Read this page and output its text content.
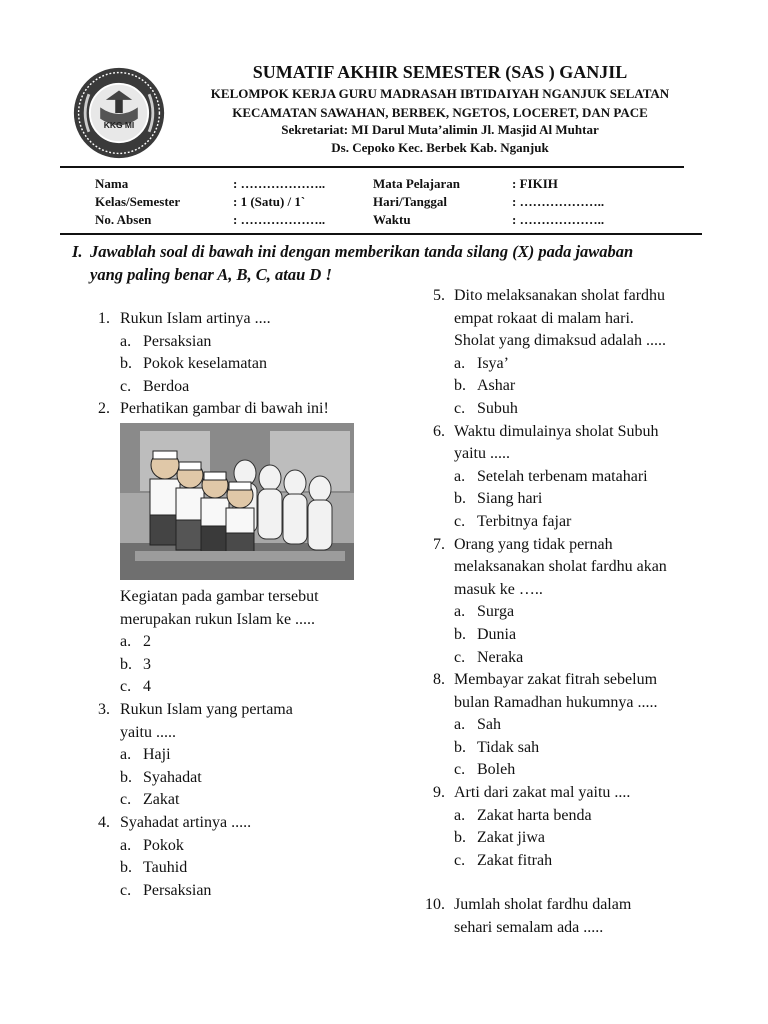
KKG MI
SUMATIF AKHIR SEMESTER (SAS ) GANJIL
KELOMPOK KERJA GURU MADRASAH IBTIDAIYAH NGANJUK SELATAN
KECAMATAN SAWAHAN, BERBEK, NGETOS, LOCERET, DAN PACE
Sekretariat: MI Darul Muta’alimin Jl. Masjid Al Muhtar
Ds. Cepoko Kec. Berbek Kab. Nganjuk
Nama	: ………………..
Kelas/Semester	: 1 (Satu) / 1`
No. Absen	: ………………..
Mata Pelajaran	: FIKIH
Hari/Tanggal	: ………………..
Waktu	: ………………..
I. Jawablah soal di bawah ini dengan memberikan tanda silang (X) pada jawaban
yang paling benar A, B, C, atau D !
1. Rukun Islam artinya ....
a. Persaksian
b. Pokok keselamatan
c. Berdoa
2. Perhatikan gambar di bawah ini!
Kegiatan pada gambar tersebut
merupakan rukun Islam ke .....
a. 2
b. 3
c. 4
3. Rukun Islam yang pertama
yaitu .....
a. Haji
b. Syahadat
c. Zakat
4. Syahadat artinya .....
a. Pokok
b. Tauhid
c. Persaksian
5. Dito melaksanakan sholat fardhu
empat rokaat di malam hari.
Sholat yang dimaksud adalah .....
a. Isya’
b. Ashar
c. Subuh
6. Waktu dimulainya sholat Subuh
yaitu .....
a. Setelah terbenam matahari
b. Siang hari
c. Terbitnya fajar
7. Orang yang tidak pernah
melaksanakan sholat fardhu akan
masuk ke …..
a. Surga
b. Dunia
c. Neraka
8. Membayar zakat fitrah sebelum
bulan Ramadhan hukumnya .....
a. Sah
b. Tidak sah
c. Boleh
9. Arti dari zakat mal yaitu ....
a. Zakat harta benda
b. Zakat jiwa
c. Zakat fitrah
10. Jumlah sholat fardhu dalam
sehari semalam ada .....
